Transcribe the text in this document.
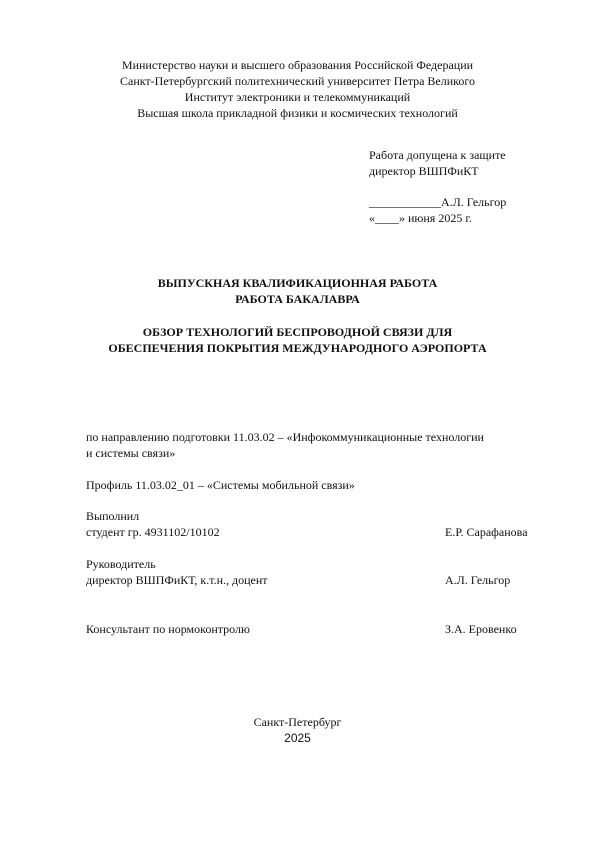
Министерство науки и высшего образования Российской Федерации
Санкт-Петербургский политехнический университет Петра Великого
Институт электроники и телекоммуникаций
Высшая школа прикладной физики и космических технологий
Работа допущена к защите
директор ВШПФиКТ
____________А.Л. Гельгор
«____» июня 2025 г.
ВЫПУСКНАЯ КВАЛИФИКАЦИОННАЯ РАБОТА
РАБОТА БАКАЛАВРА
ОБЗОР ТЕХНОЛОГИЙ БЕСПРОВОДНОЙ СВЯЗИ ДЛЯ
ОБЕСПЕЧЕНИЯ ПОКРЫТИЯ МЕЖДУНАРОДНОГО АЭРОПОРТА
по направлению подготовки 11.03.02 – «Инфокоммуникационные технологии
и системы связи»
Профиль 11.03.02_01 – «Системы мобильной связи»
Выполнил
студент гр. 4931102/10102	Е.Р. Сарафанова
Руководитель
директор ВШПФиКТ, к.т.н., доцент	А.Л. Гельгор
Консультант по нормоконтролю	З.А. Еровенко
Санкт-Петербург
2025
